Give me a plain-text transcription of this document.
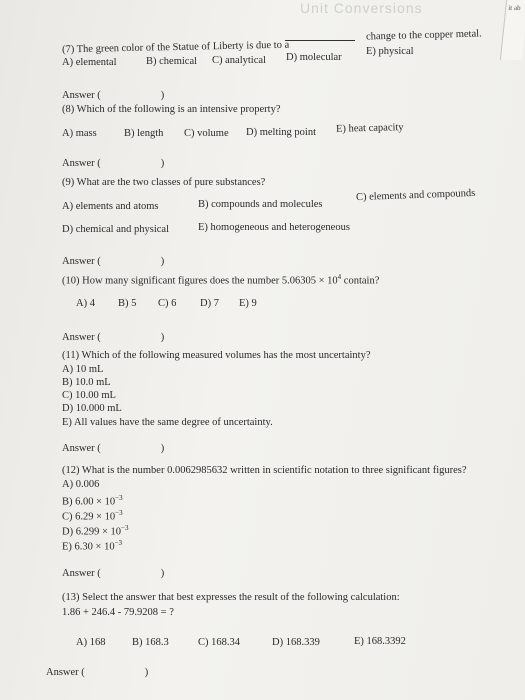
Unit Conversions	it ab
(7) The green color of the Statue of Liberty is due to a
change to the copper metal.
A) elemental	B) chemical C) analytical D) molecular
E) physical
Answer (	)
(8) Which of the following is an intensive property?
A) mass	B) length C) volume D) melting point E) heat capacity
Answer (	)
(9) What are the two classes of pure substances?
A) elements and atoms	B) compounds and molecules
C) elements and compounds
D) chemical and physical	E) homogeneous and heterogeneous
Answer (	)
(10) How many significant figures does the number $5.06305 \times 10^4$ contain?
A) 4 B) 5 C) 6 D) 7 E) 9
Answer (	)
(11) Which of the following measured volumes has the most uncertainty?
A) 10 mL
B) 10.0 mL
C) 10.00 mL
D) 10.000 mL
E) All values have the same degree of uncertainty.
Answer (	)
(12) What is the number 0.0062985632 written in scientific notation to three significant figures?
A) 0.006
B) $6.00 \times 10^{-3}$
C) $6.29 \times 10^{-3}$
D) $6.299 \times 10^{-3}$
E) $6.30 \times 10^{-3}$
Answer (	)
(13) Select the answer that best expresses the result of the following calculation:
1.86 + 246.4 - 79.9208 = ?
A) 168	B) 168.3	C) 168.34	D) 168.339	E) 168.3392
Answer (	)
